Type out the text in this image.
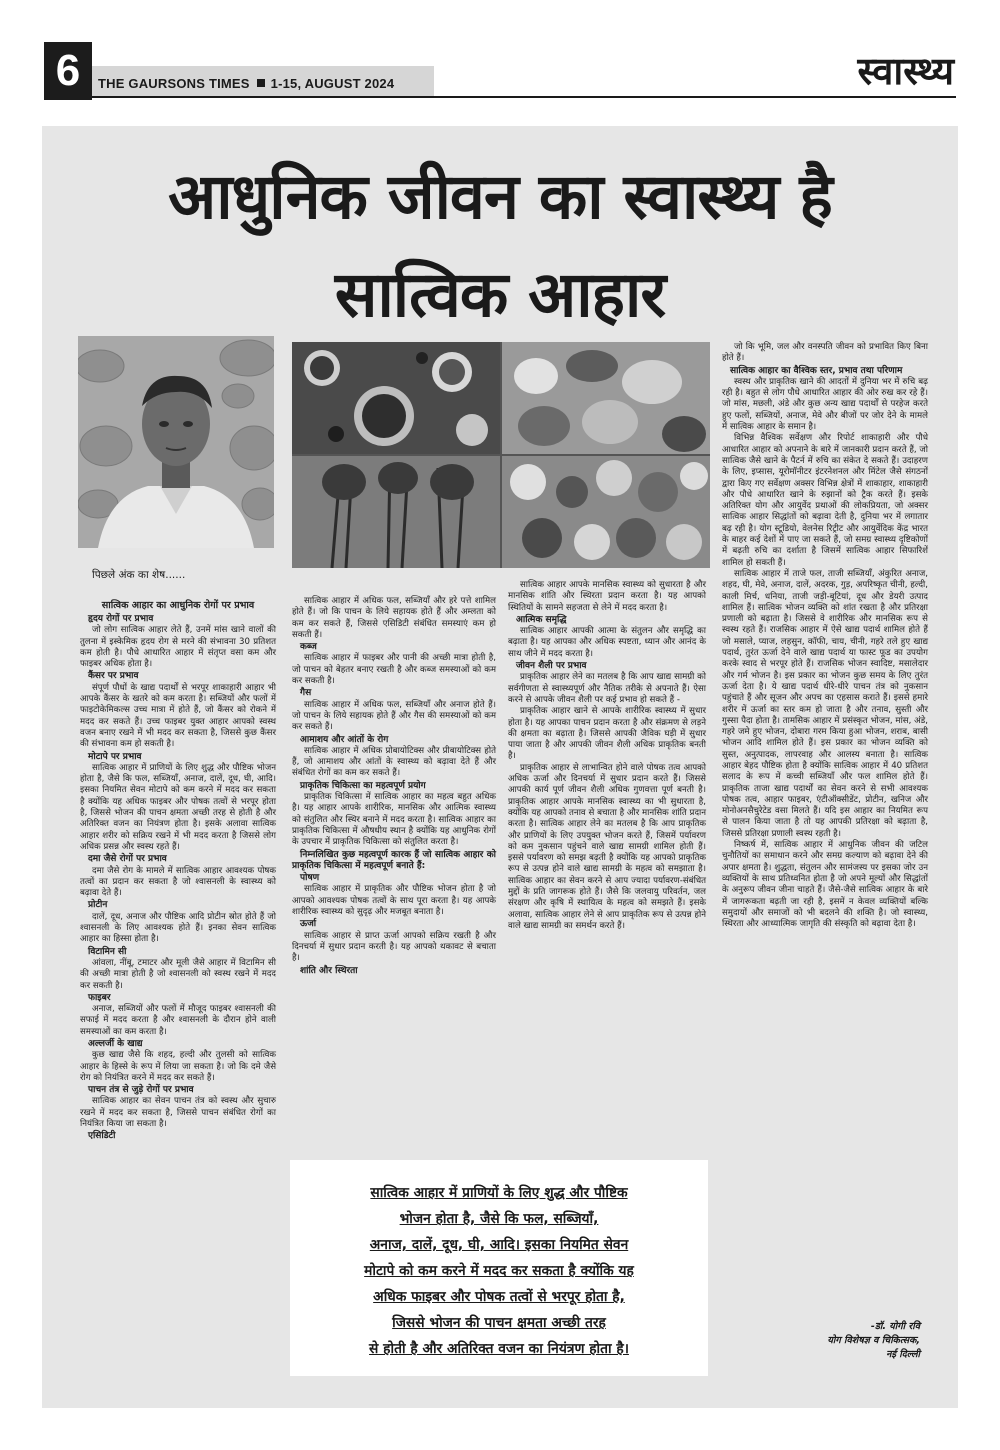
6	THE GAURSONS TIMES 1-15, AUGUST 2024	स्वास्थ्य
आधुनिक जीवन का स्वास्थ्य है
सात्विक आहार
पिछले अंक का शेष......
सात्विक आहार का आधुनिक रोगों पर प्रभाव
हृदय रोगों पर प्रभाव

जो लोग सात्विक आहार लेते हैं, उनमें मांस खाने वालों की तुलना में इस्केमिक हृदय रोग से मरने की संभावना 30 प्रतिशत कम होती है। पौधे आधारित आहार में संतृप्त वसा कम और फाइबर अधिक होता है।

कैंसर पर प्रभाव

संपूर्ण पौधों के खाद्य पदार्थों से भरपूर शाकाहारी आहार भी आपके कैंसर के खतरे को कम करता है। सब्जियों और फलों में फाइटोकेमिकल्स उच्च मात्रा में होते हैं, जो कैंसर को रोकने में मदद कर सकते हैं। उच्च फाइबर युक्त आहार आपको स्वस्थ वजन बनाए रखने में भी मदद कर सकता है, जिससे कुछ कैंसर की संभावना कम हो सकती है।

मोटापे पर प्रभाव

सात्विक आहार में प्राणियों के लिए शुद्ध और पौष्टिक भोजन होता है, जैसे कि फल, सब्जियाँ, अनाज, दालें, दूध, घी, आदि। इसका नियमित सेवन मोटापे को कम करने में मदद कर सकता है क्योंकि यह अधिक फाइबर और पोषक तत्वों से भरपूर होता है, जिससे भोजन की पाचन क्षमता अच्छी तरह से होती है और अतिरिक्त वजन का नियंत्रण होता है। इसके अलावा सात्विक आहार शरीर को सक्रिय रखने में भी मदद करता है जिससे लोग अधिक प्रसन्न और स्वस्थ रहते हैं।

दमा जैसे रोगों पर प्रभाव

दमा जैसे रोग के मामले में सात्विक आहार आवश्यक पोषक तत्वों का प्रदान कर सकता है जो श्वासनली के स्वास्थ्य को बढ़ावा देते हैं।

प्रोटीन

दालें, दूध, अनाज और पौष्टिक आदि प्रोटीन स्रोत होते हैं जो श्वासनली के लिए आवश्यक होते हैं। इनका सेवन सात्विक आहार का हिस्सा होता है।

विटामिन सी

आंवला, नींबू, टमाटर और मूली जैसे आहार में विटामिन सी की अच्छी मात्रा होती है जो श्वासनली को स्वस्थ रखने में मदद कर सकती है।

फाइबर

अनाज, सब्जियों और फलों में मौजूद फाइबर श्वासनली की सफाई में मदद करता है और श्वासनली के दौरान होने वाली समस्याओं का कम करता है।

अल्लर्जी के खाद्य

कुछ खाद्य जैसे कि शहद, हल्दी और तुलसी को सात्विक आहार के हिस्से के रूप में लिया जा सकता है। जो कि दमे जैसे रोग को नियंत्रित करने में मदद कर सकते हैं।

पाचन तंत्र से जुड़े रोगों पर प्रभाव

सात्विक आहार का सेवन पाचन तंत्र को स्वस्थ और सुचारु रखने में मदद कर सकता है, जिससे पाचन संबंधित रोगों का नियंत्रित किया जा सकता है।

एसिडिटी

सात्विक आहार में अधिक फल, सब्जियाँ और हरे पत्ते शामिल होते हैं। जो कि पाचन के लिये सहायक होते हैं और अम्लता को कम कर सकते हैं, जिससे एसिडिटी संबंधित समस्याएं कम हो सकती हैं।

कब्ज

सात्विक आहार में फाइबर और पानी की अच्छी मात्रा होती है, जो पाचन को बेहतर बनाए रखती है और कब्ज समस्याओं को कम कर सकती है।

गैस

सात्विक आहार में अधिक फल, सब्जियाँ और अनाज होते हैं। जो पाचन के लिये सहायक होते हैं और गैस की समस्याओं को कम कर सकते हैं।

आमाशय और आंतों के रोग

सात्विक आहार में अधिक प्रोबायोटिक्स और प्रीबायोटिक्स होते हैं, जो आमाशय और आंतों के स्वास्थ्य को बढ़ावा देते हैं और संबंधित रोगों का कम कर सकते हैं।

प्राकृतिक चिकित्सा का महत्वपूर्ण प्रयोग

प्राकृतिक चिकित्सा में सात्विक आहार का महत्व बहुत अधिक है। यह आहार आपके शारीरिक, मानसिक और आत्मिक स्वास्थ्य को संतुलित और स्थिर बनाने में मदद करता है। सात्विक आहार का प्राकृतिक चिकित्सा में औषधीय स्थान है क्योंकि यह आधुनिक रोगों के उपचार में प्राकृतिक चिकित्सा को संतुलित करता है।

निम्नलिखित कुछ महत्वपूर्ण कारक हैं जो सात्विक आहार को प्राकृतिक चिकित्सा में महत्वपूर्ण बनाते हैं:
पोषण

सात्विक आहार में प्राकृतिक और पौष्टिक भोजन होता है जो आपको आवश्यक पोषक तत्वों के साथ पूरा करता है। यह आपके शारीरिक स्वास्थ्य को सुदृढ़ और मजबूत बनाता है।

ऊर्जा

सात्विक आहार से प्राप्त ऊर्जा आपको सक्रिय रखती है और दिनचर्या में सुधार प्रदान करती है। यह आपको थकावट से बचाता है।

शांति और स्थिरता

सात्विक आहार आपके मानसिक स्वास्थ्य को सुधारता है और मानसिक शांति और स्थिरता प्रदान करता है। यह आपको स्थितियों के सामने सहजता से लेने में मदद करता है।

आत्मिक समृद्धि

सात्विक आहार आपकी आत्मा के संतुलन और समृद्धि का बढ़ाता है। यह आपका और अधिक स्पष्टता, ध्यान और आनंद के साथ जीने में मदद करता है।

जीवन शैली पर प्रभाव

प्राकृतिक आहार लेने का मतलब है कि आप खाद्य सामग्री को सर्वगीणता से स्वास्थ्यपूर्ण और नैतिक तरीके से अपनाते हैं। ऐसा करने से आपके जीवन शैली पर कई प्रभाव हो सकते हैं -

प्राकृतिक आहार खाने से आपके शारीरिक स्वास्थ्य में सुधार होता है। यह आपका पाचन प्रदान करता है और संक्रमण से लड़ने की क्षमता का बढ़ाता है। जिससे आपकी जैविक घड़ी में सुधार पाया जाता है और आपकी जीवन शैली अधिक प्राकृतिक बनती है।

प्राकृतिक आहार से लाभान्वित होने वाले पोषक तत्व आपको अधिक ऊर्जा और दिनचर्या में सुधार प्रदान करते हैं। जिससे आपकी कार्य पूर्ण जीवन शैली अधिक गुणवत्ता पूर्ण बनती है। प्राकृतिक आहार आपके मानसिक स्वास्थ्य का भी सुधारता है, क्योंकि यह आपको तनाव से बचाता है और मानसिक शांति प्रदान करता है। सात्विक आहार लेने का मतलब है कि आप प्राकृतिक और प्राणियों के लिए उपयुक्त भोजन करते हैं, जिसमें पर्यावरण को कम नुकसान पहुंचने वाले खाद्य सामग्री शामिल होती हैं। इससे पर्यावरण को समझ बढ़ती है क्योंकि यह आपको प्राकृतिक रूप से उत्पन्न होने वाले खाद्य सामग्री के महत्व को समझाता है। सात्विक आहार का सेवन करने से आप ज्यादा पर्यावरण-संबंधित मुद्दों के प्रति जागरूक होते हैं। जैसे कि जलवायु परिवर्तन, जल संरक्षण और कृषि में स्थायित्व के महत्व को समझते हैं। इसके अलावा, सात्विक आहार लेने से आप प्राकृतिक रूप से उत्पन्न होने वाले खाद्य सामग्री का समर्थन करते हैं।

जो कि भूमि, जल और वनस्पति जीवन को प्रभावित किए बिना होते हैं।

सात्विक आहार का वैश्विक स्तर, प्रभाव तथा परिणाम

स्वस्थ और प्राकृतिक खाने की आदतों में दुनिया भर में रुचि बढ़ रही है। बहुत से लोग पौधे आधारित आहार की ओर रुख कर रहे हैं। जो मांस, मछली, अंडे और कुछ अन्य खाद्य पदार्थों से परहेज करते हुए फलों, सब्जियों, अनाज, मेवे और बीजों पर जोर देने के मामले में सात्विक आहार के समान है।

विभिन्न वैश्विक सर्वेक्षण और रिपोर्ट शाकाहारी और पौधे आधारित आहार को अपनाने के बारे में जानकारी प्रदान करते हैं, जो सात्विक जैसे खाने के पैटर्न में रुचि का संकेत दे सकते हैं। उदाहरण के लिए, इप्सास, यूरोमॉनीटर इंटरनेशनल और मिंटेल जैसे संगठनों द्वारा किए गए सर्वेक्षण अक्सर विभिन्न क्षेत्रों में शाकाहार, शाकाहारी और पौधे आधारित खाने के रुझानों को ट्रैक करते हैं। इसके अतिरिक्त योग और आयुर्वेद प्रथाओं की लोकप्रियता, जो अक्सर सात्विक आहार सिद्धांतों को बढ़ावा देती है, दुनिया भर में लगातार बढ़ रही है। योग स्टूडियो, वेलनेस रिट्रीट और आयुर्वेदिक केंद्र भारत के बाहर कई देशों में पाए जा सकते हैं, जो समग्र स्वास्थ्य दृष्टिकोणों में बढ़ती रुचि का दर्शाता है जिसमें सात्विक आहार सिफारिशें शामिल हो सकती हैं।

सात्विक आहार में ताजे फल, ताजी सब्जियाँ, अंकुरित अनाज, शहद, घी, मेवे, अनाज, दालें, अदरक, गुड़, अपरिष्कृत चीनी, हल्दी, काली मिर्च, धनिया, ताजी जड़ी-बूटियां, दूध और डेयरी उत्पाद शामिल हैं। सात्विक भोजन व्यक्ति को शांत रखता है और प्रतिरक्षा प्रणाली को बढ़ाता है। जिससे वे शारीरिक और मानसिक रूप से स्वस्थ रहते हैं। राजसिक आहार में ऐसे खाद्य पदार्थ शामिल होते हैं जो मसाले, प्याज, लहसुन, कॉफी, चाय, चीनी, गहरे तले हुए खाद्य पदार्थ, तुरंत ऊर्जा देने वाले खाद्य पदार्थ या फास्ट फूड का उपयोग करके स्वाद से भरपूर होते हैं। राजसिक भोजन स्वादिष्ट, मसालेदार और गर्म भोजन है। इस प्रकार का भोजन कुछ समय के लिए तुरंत ऊर्जा देता है। ये खाद्य पदार्थ धीरे-धीरे पाचन तंत्र को नुकसान पहुंचाते हैं और सूजन और अपच का एहसास कराते हैं। इससे हमारे शरीर में ऊर्जा का स्तर कम हो जाता है और तनाव, सुस्ती और गुस्सा पैदा होता है। तामसिक आहार में प्रसंस्कृत भोजन, मांस, अंडे, गहरे जमे हुए भोजन, दोबारा गरम किया हुआ भोजन, शराब, बासी भोजन आदि शामिल होते हैं। इस प्रकार का भोजन व्यक्ति को सुस्त, अनुत्पादक, लापरवाह और आलस्य बनाता है। सात्विक आहार बेहद पौष्टिक होता है क्योंकि सात्विक आहार में 40 प्रतिशत सलाद के रूप में कच्ची सब्जियाँ और फल शामिल होते हैं। प्राकृतिक ताजा खाद्य पदार्थों का सेवन करने से सभी आवश्यक पोषक तत्व, आहार फाइबर, एंटीऑक्सीडेंट, प्रोटीन, खनिज और मोनोअनसैचुरेटेड वसा मिलते हैं। यदि इस आहार का नियमित रूप से पालन किया जाता है तो यह आपकी प्रतिरक्षा को बढ़ाता है, जिससे प्रतिरक्षा प्रणाली स्वस्थ रहती है।

निष्कर्ष में, सात्विक आहार में आधुनिक जीवन की जटिल चुनौतियों का समाधान करने और समग्र कल्याण को बढ़ावा देने की अपार क्षमता है। शुद्धता, संतुलन और सामंजस्य पर इसका जोर उन व्यक्तियों के साथ प्रतिध्वनित होता है जो अपने मूल्यों और सिद्धांतों के अनुरूप जीवन जीना चाहते हैं। जैसे-जैसे सात्विक आहार के बारे में जागरूकता बढ़ती जा रही है, इसमें न केवल व्यक्तियों बल्कि समुदायों और समाजों को भी बदलने की शक्ति है। जो स्वास्थ्य, स्थिरता और आध्यात्मिक जागृति की संस्कृति को बढ़ावा देता है।

सात्विक आहार में प्राणियों के लिए शुद्ध और पौष्टिक
भोजन होता है, जैसे कि फल, सब्जियाँ,
अनाज, दालें, दूध, घी, आदि। इसका नियमित सेवन
मोटापे को कम करने में मदद कर सकता है क्योंकि यह
अधिक फाइबर और पोषक तत्वों से भरपूर होता है,
जिससे भोजन की पाचन क्षमता अच्छी तरह
से होती है और अतिरिक्त वजन का नियंत्रण होता है।
-डॉ. योगी रवि
योग विशेषज्ञ व चिकित्सक,
नई दिल्ली
